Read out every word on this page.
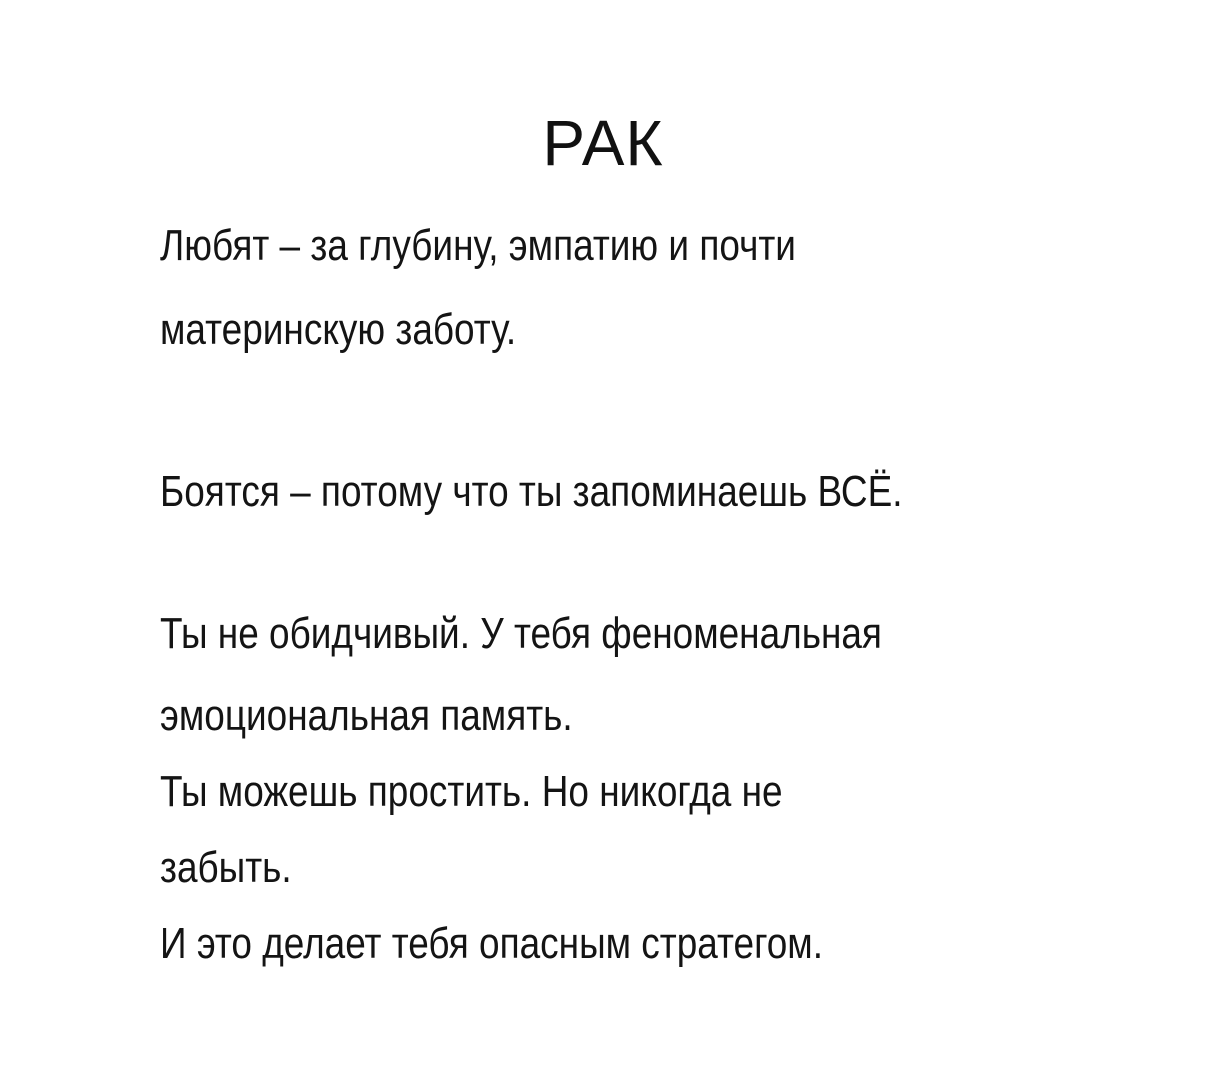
РАК

Любят – за глубину, эмпатию и почти

материнскую заботу.

Боятся – потому что ты запоминаешь ВСЁ.

Ты не обидчивый. У тебя феноменальная

эмоциональная память.

Ты можешь простить. Но никогда не

забыть.

И это делает тебя опасным стратегом.
